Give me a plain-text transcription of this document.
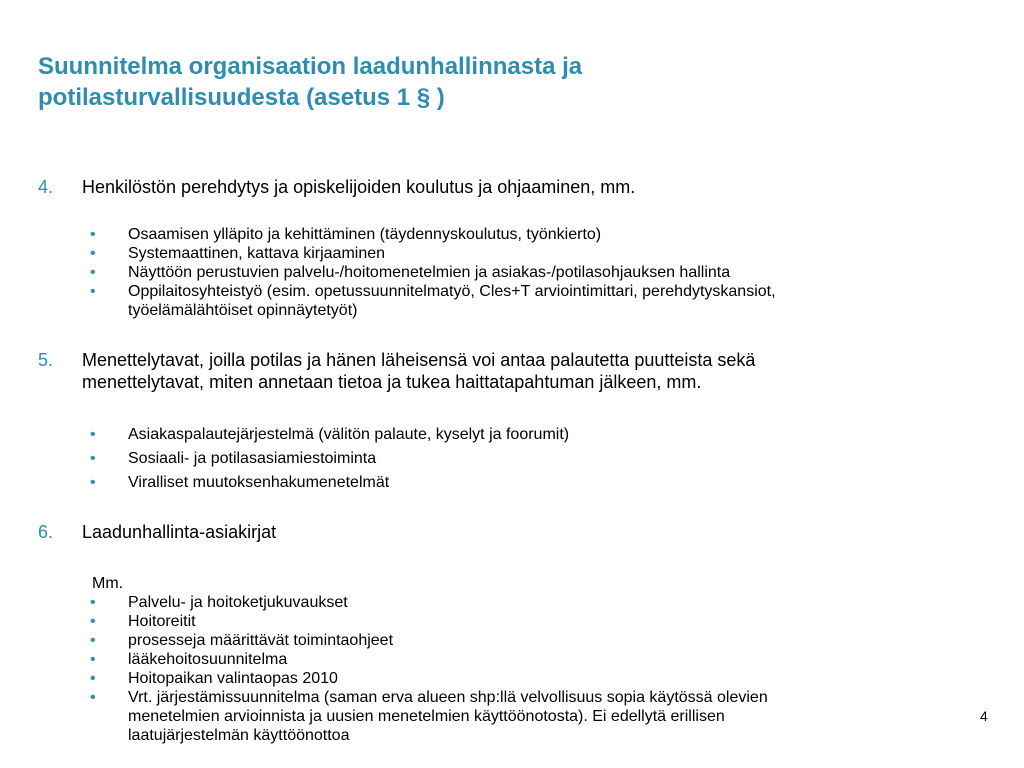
Suunnitelma organisaation laadunhallinnasta ja
potilasturvallisuudesta (asetus 1 § )
4. Henkilöstön perehdytys ja opiskelijoiden koulutus ja ohjaaminen, mm.
• Osaamisen ylläpito ja kehittäminen (täydennyskoulutus, työnkierto)
• Systemaattinen, kattava kirjaaminen
• Näyttöön perustuvien palvelu-/hoitomenetelmien ja asiakas-/potilasohjauksen hallinta
• Oppilaitosyhteistyö (esim. opetussuunnitelmatyö, Cles+T arviointimittari, perehdytyskansiot,
työelämälähtöiset opinnäytetyöt)
5. Menettelytavat, joilla potilas ja hänen läheisensä voi antaa palautetta puutteista sekä
menettelytavat, miten annetaan tietoa ja tukea haittatapahtuman jälkeen, mm.
• Asiakaspalautejärjestelmä (välitön palaute, kyselyt ja foorumit)
• Sosiaali- ja potilasasiamiestoiminta
• Viralliset muutoksenhakumenetelmät
6. Laadunhallinta-asiakirjat
Mm.
• Palvelu- ja hoitoketjukuvaukset
• Hoitoreitit
• prosesseja määrittävät toimintaohjeet
• lääkehoitosuunnitelma
• Hoitopaikan valintaopas 2010
• Vrt. järjestämissuunnitelma (saman erva alueen shp:llä velvollisuus sopia käytössä olevien
menetelmien arvioinnista ja uusien menetelmien käyttöönotosta). Ei edellytä erillisen
laatujärjestelmän käyttöönottoa
4
